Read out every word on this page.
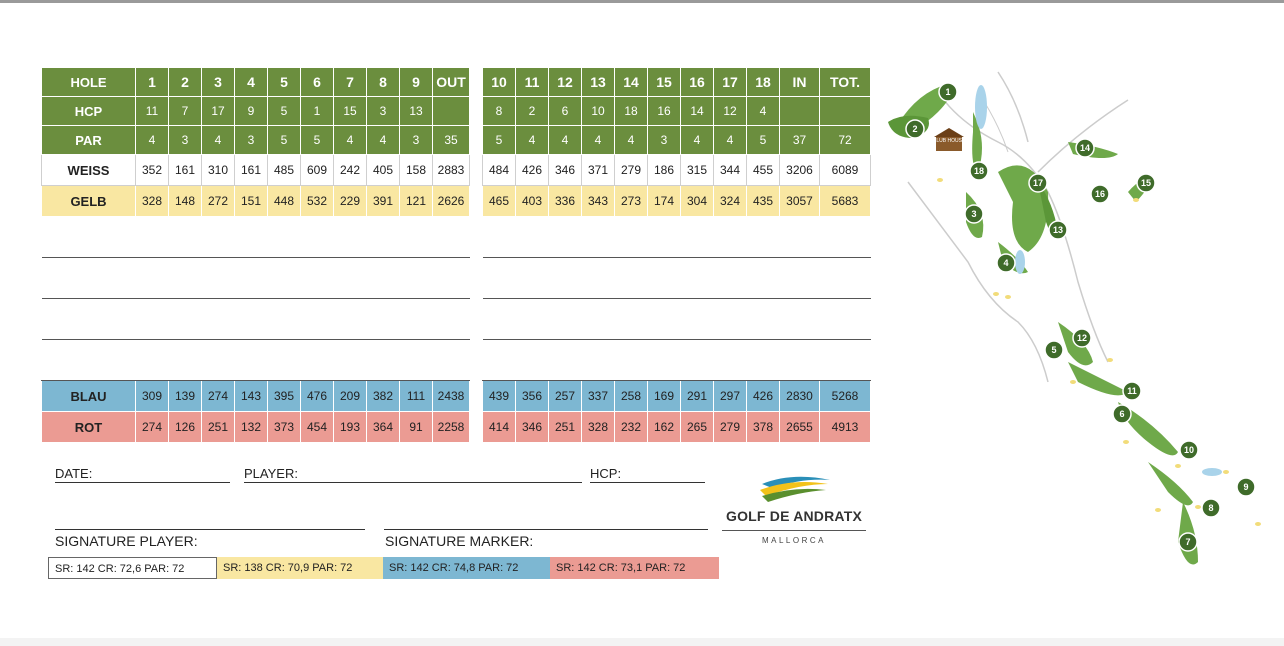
HOLE	1	2	3	4	5	6	7	8	9	OUT
HCP	11	7	17	9	5	1	15	3	13	
PAR	4	3	4	3	5	5	4	4	3	35
WEISS	352	161	310	161	485	609	242	405	158	2883
GELB	328	148	272	151	448	532	229	391	121	2626

BLAU	309	139	274	143	395	476	209	382	111	2438
ROT	274	126	251	132	373	454	193	364	91	2258
10	11	12	13	14	15	16	17	18	IN	TOT.
8	2	6	10	18	16	14	12	4		
5	4	4	4	4	3	4	4	5	37	72
484	426	346	371	279	186	315	344	455	3206	6089
465	403	336	343	273	174	304	324	435	3057	5683

439	356	257	337	258	169	291	297	426	2830	5268
414	346	251	328	232	162	265	279	378	2655	4913
DATE:	PLAYER:	HCP:
SIGNATURE PLAYER:	SIGNATURE MARKER:
SR: 142 CR: 72,6 PAR: 72	SR: 138 CR: 70,9 PAR: 72	SR: 142 CR: 74,8 PAR: 72	SR: 142 CR: 73,1 PAR: 72
GOLF DE ANDRATX
MALLORCA
CLUB HOUSE
1
2
3
4
5
6
7
8
9
10
11
12
13
14
15
16
17
18
